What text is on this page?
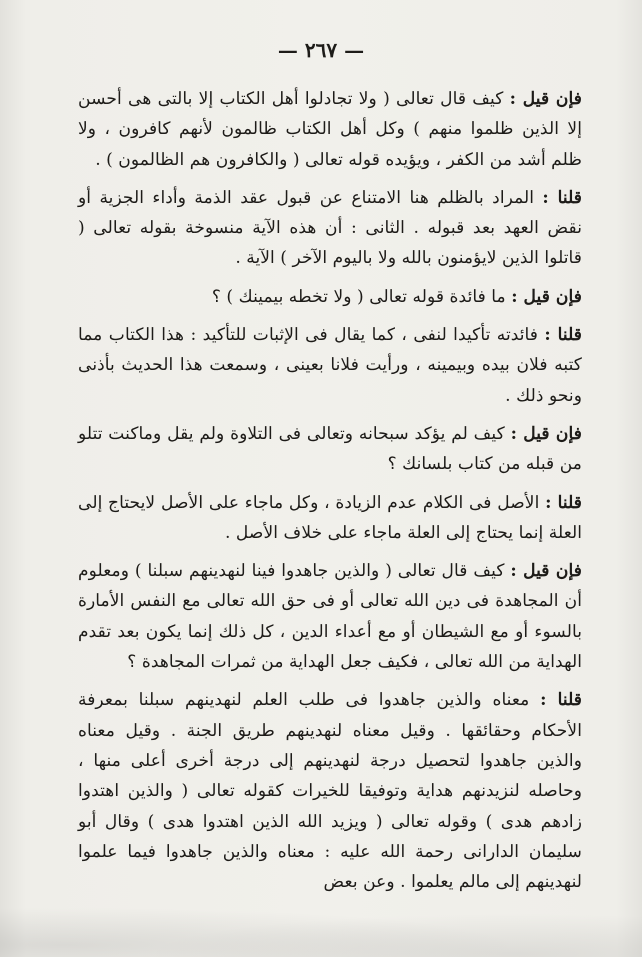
— ٢٦٧ —

فإن قيل : كيف قال تعالى ( ولا تجادلوا أهل الكتاب إلا بالتى هى أحسن إلا الذين ظلموا منهم ) وكل أهل الكتاب ظالمون لأنهم كافرون ، ولا ظلم أشد من الكفر ، ويؤيده قوله تعالى ( والكافرون هم الظالمون ) .

قلنا : المراد بالظلم هنا الامتناع عن قبول عقد الذمة وأداء الجزية أو نقض العهد بعد قبوله . الثانى : أن هذه الآية منسوخة بقوله تعالى ( قاتلوا الذين لايؤمنون بالله ولا باليوم الآخر ) الآية .

فإن قيل : ما فائدة قوله تعالى ( ولا تخطه بيمينك ) ؟

قلنا : فائدته تأكيدا لنفى ، كما يقال فى الإثبات للتأكيد : هذا الكتاب مما كتبه فلان بيده وبيمينه ، ورأيت فلانا بعينى ، وسمعت هذا الحديث بأذنى ونحو ذلك .

فإن قيل : كيف لم يؤكد سبحانه وتعالى فى التلاوة ولم يقل وماكنت تتلو من قبله من كتاب بلسانك ؟

قلنا : الأصل فى الكلام عدم الزيادة ، وكل ماجاء على الأصل لايحتاج إلى العلة إنما يحتاج إلى العلة ماجاء على خلاف الأصل .

فإن قيل : كيف قال تعالى ( والذين جاهدوا فينا لنهدينهم سبلنا ) ومعلوم أن المجاهدة فى دين الله تعالى أو فى حق الله تعالى مع النفس الأمارة بالسوء أو مع الشيطان أو مع أعداء الدين ، كل ذلك إنما يكون بعد تقدم الهداية من الله تعالى ، فكيف جعل الهداية من ثمرات المجاهدة ؟

قلنا : معناه والذين جاهدوا فى طلب العلم لنهدينهم سبلنا بمعرفة الأحكام وحقائقها . وقيل معناه لنهدينهم طريق الجنة . وقيل معناه والذين جاهدوا لتحصيل درجة لنهدينهم إلى درجة أخرى أعلى منها ، وحاصله لنزيدنهم هداية وتوفيقا للخيرات كقوله تعالى ( والذين اهتدوا زادهم هدى ) وقوله تعالى ( ويزيد الله الذين اهتدوا هدى ) وقال أبو سليمان الدارانى رحمة الله عليه : معناه والذين جاهدوا فيما علموا لنهدينهم إلى مالم يعلموا . وعن بعض
